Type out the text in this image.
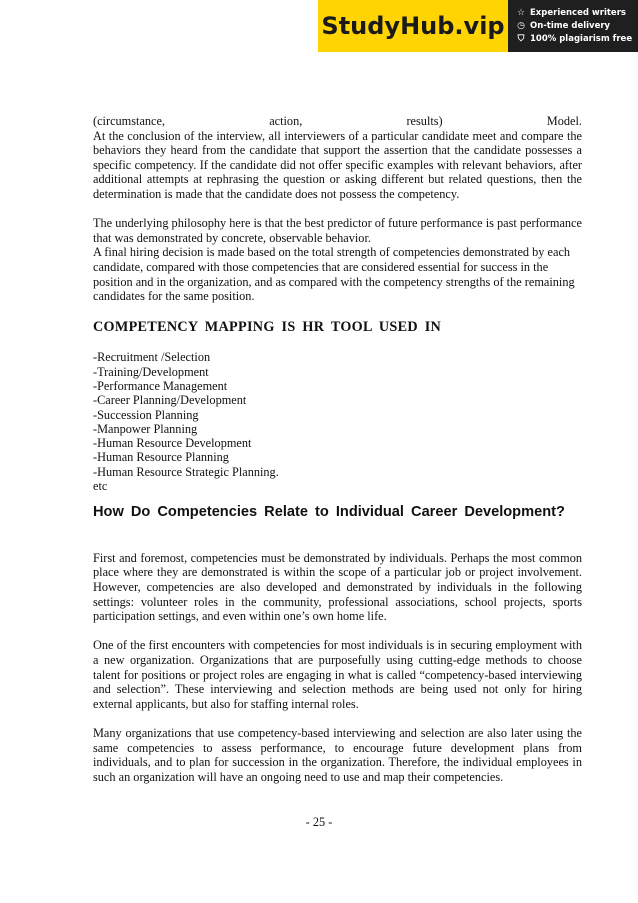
StudyHub.vip	☆ Experienced writers
◷ On-time delivery
⛉ 100% plagiarism free
(circumstance,	action,	results)	Model.

At the conclusion of the interview, all interviewers of a particular candidate meet and compare the behaviors they heard from the candidate that support the assertion that the candidate possesses a specific competency. If the candidate did not offer specific examples with relevant behaviors, after additional attempts at rephrasing the question or asking different but related questions, then the determination is made that the candidate does not possess the competency.

The underlying philosophy here is that the best predictor of future performance is past performance that was demonstrated by concrete, observable behavior.

A final hiring decision is made based on the total strength of competencies demonstrated by each candidate, compared with those competencies that are considered essential for success in the position and in the organization, and as compared with the competency strengths of the remaining candidates for the same position.

COMPETENCY MAPPING IS HR TOOL USED IN
-Recruitment /Selection
-Training/Development
-Performance Management
-Career Planning/Development
-Succession Planning
-Manpower Planning
-Human Resource Development
-Human Resource Planning
-Human Resource Strategic Planning.
etc
How Do Competencies Relate to Individual Career Development?

First and foremost, competencies must be demonstrated by individuals. Perhaps the most common place where they are demonstrated is within the scope of a particular job or project involvement. However, competencies are also developed and demonstrated by individuals in the following settings: volunteer roles in the community, professional associations, school projects, sports participation settings, and even within one’s own home life.

One of the first encounters with competencies for most individuals is in securing employment with a new organization. Organizations that are purposefully using cutting-edge methods to choose talent for positions or project roles are engaging in what is called “competency-based interviewing and selection”. These interviewing and selection methods are being used not only for hiring external applicants, but also for staffing internal roles.

Many organizations that use competency-based interviewing and selection are also later using the same competencies to assess performance, to encourage future development plans from individuals, and to plan for succession in the organization. Therefore, the individual employees in such an organization will have an ongoing need to use and map their competencies.

- 25 -
